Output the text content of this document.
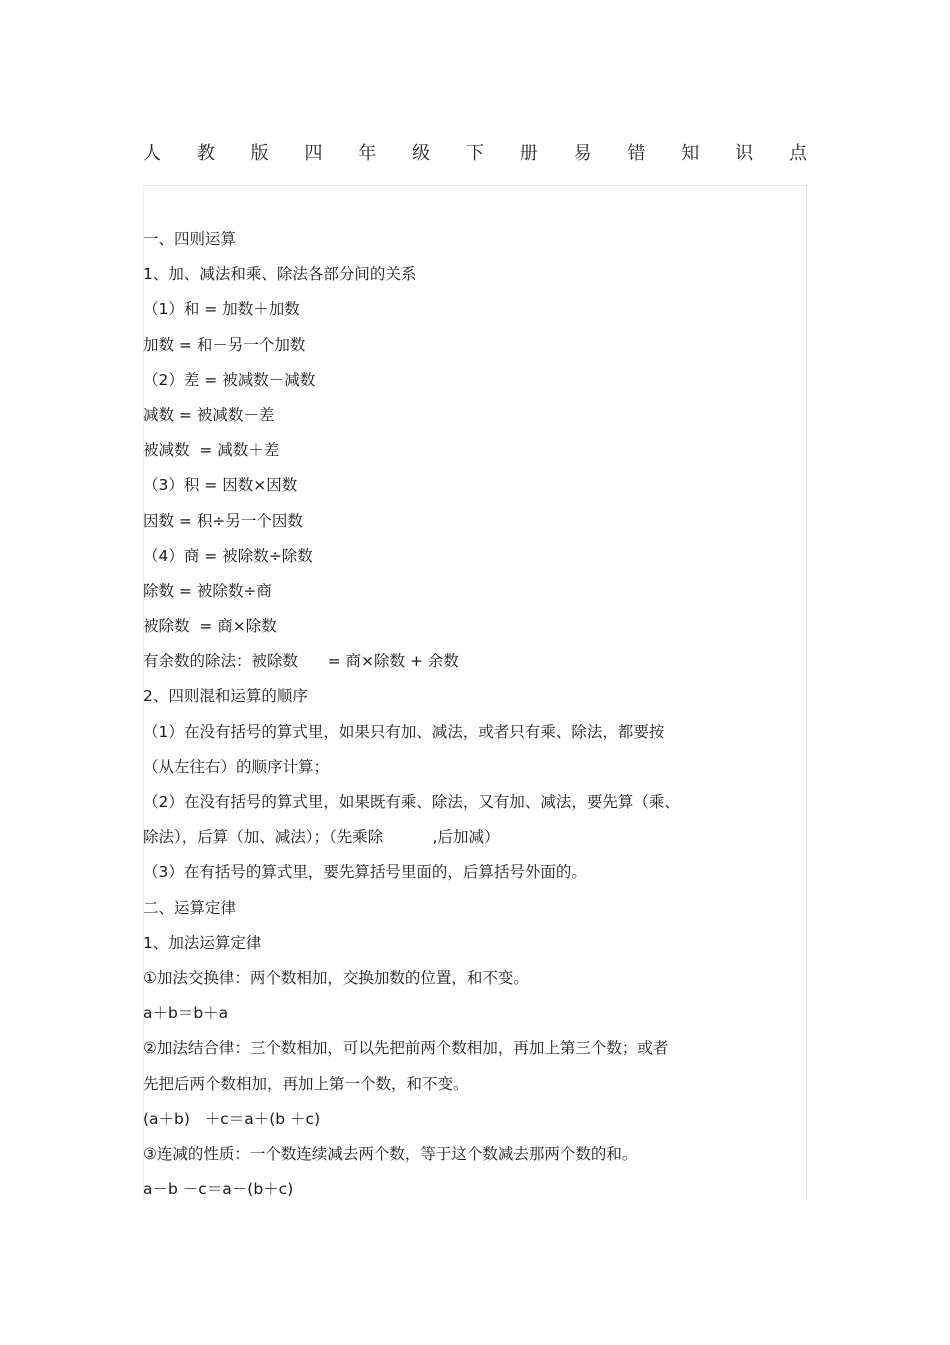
人 教 版 四 年 级 下 册 易 错 知 识 点
一、四则运算
1、加、减法和乘、除法各部分间的关系
（1）和 = 加数＋加数
加数 = 和－另一个加数
（2）差 = 被减数－减数
减数 = 被减数－差
被减数  = 减数＋差
（3）积 = 因数×因数
因数 = 积÷另一个因数
（4）商 = 被除数÷除数
除数 = 被除数÷商
被除数  = 商×除数
有余数的除法：被除数      = 商×除数 + 余数
2、四则混和运算的顺序
（1）在没有括号的算式里，如果只有加、减法，或者只有乘、除法，都要按
（从左往右）的顺序计算；
（2）在没有括号的算式里，如果既有乘、除法，又有加、减法，要先算（乘、
除法），后算（加、减法）；（先乘除          ,后加减）
（3）在有括号的算式里，要先算括号里面的，后算括号外面的。
二、运算定律
1、加法运算定律
①加法交换律：两个数相加，交换加数的位置，和不变。
a＋b＝b＋a
②加法结合律：三个数相加，可以先把前两个数相加，再加上第三个数；或者
先把后两个数相加，再加上第一个数，和不变。
(a＋b)   ＋c＝a＋(b ＋c)
③连减的性质：一个数连续减去两个数，等于这个数减去那两个数的和。
a－b －c＝a－(b＋c)
